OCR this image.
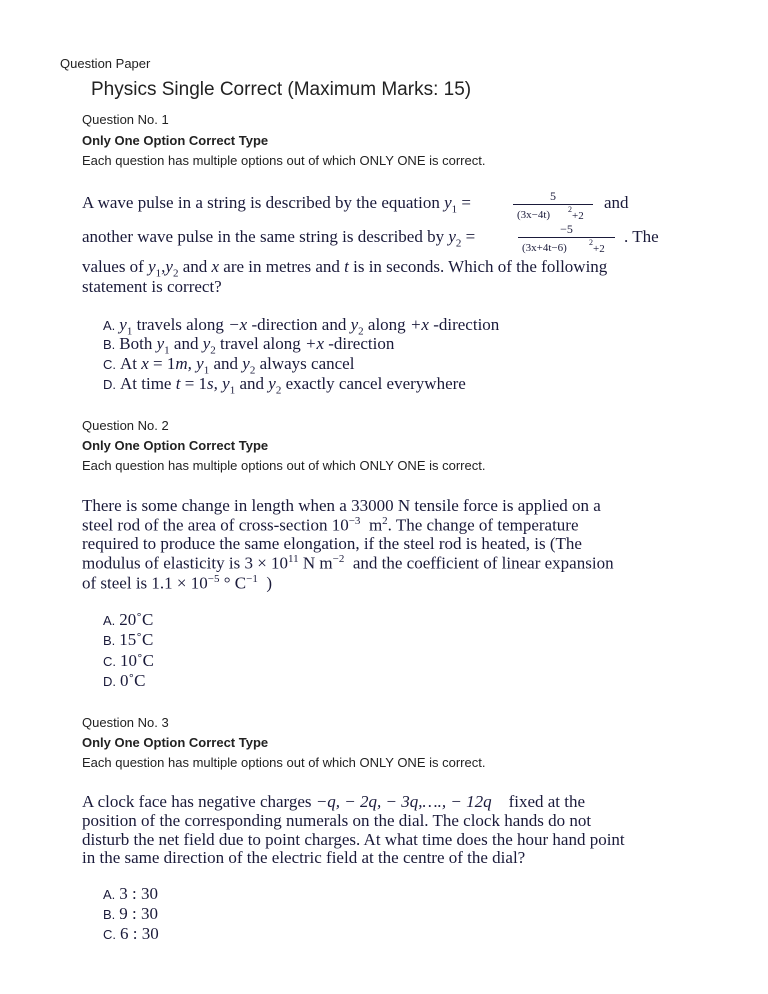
Question Paper
Physics Single Correct (Maximum Marks: 15)
Question No. 1
Only One Option Correct Type
Each question has multiple options out of which ONLY ONE is correct.
A wave pulse in a string is described by the equation $y_1$ =	5
(3x−4t) 2
+2
and
another wave pulse in the same string is described by $y_2$ =	−5
(3x+4t−6)	2
+2
. The
values of $y_1,y_2$ and x are in metres and t is in seconds. Which of the following
statement is correct?
A. $y_1$ travels along −x -direction and $y_2$ along +x -direction
B. Both $y_1$ and $y_2$ travel along +x -direction
C. At x = 1m, $y_1$ and $y_2$ always cancel
D. At time t = 1s, $y_1$ and $y_2$ exactly cancel everywhere
Question No. 2
Only One Option Correct Type
Each question has multiple options out of which ONLY ONE is correct.
There is some change in length when a 33000 N tensile force is applied on a
steel rod of the area of cross-section $10^{-3}$ $m^2$. The change of temperature
required to produce the same elongation, if the steel rod is heated, is (The
modulus of elasticity is $3 \times 10^{11}$ N $m^{-2}$ and the coefficient of linear expansion
of steel is $1.1 \times 10^{-5}$ ° $C^{-1}$ )
A. 20˚C
B. 15˚C
C. 10˚C
D. 0˚C
Question No. 3
Only One Option Correct Type
Each question has multiple options out of which ONLY ONE is correct.
A clock face has negative charges −q, − 2q, − 3q,…., − 12q fixed at the
position of the corresponding numerals on the dial. The clock hands do not
disturb the net field due to point charges. At what time does the hour hand point
in the same direction of the electric field at the centre of the dial?
A. 3 : 30
B. 9 : 30
C. 6 : 30
